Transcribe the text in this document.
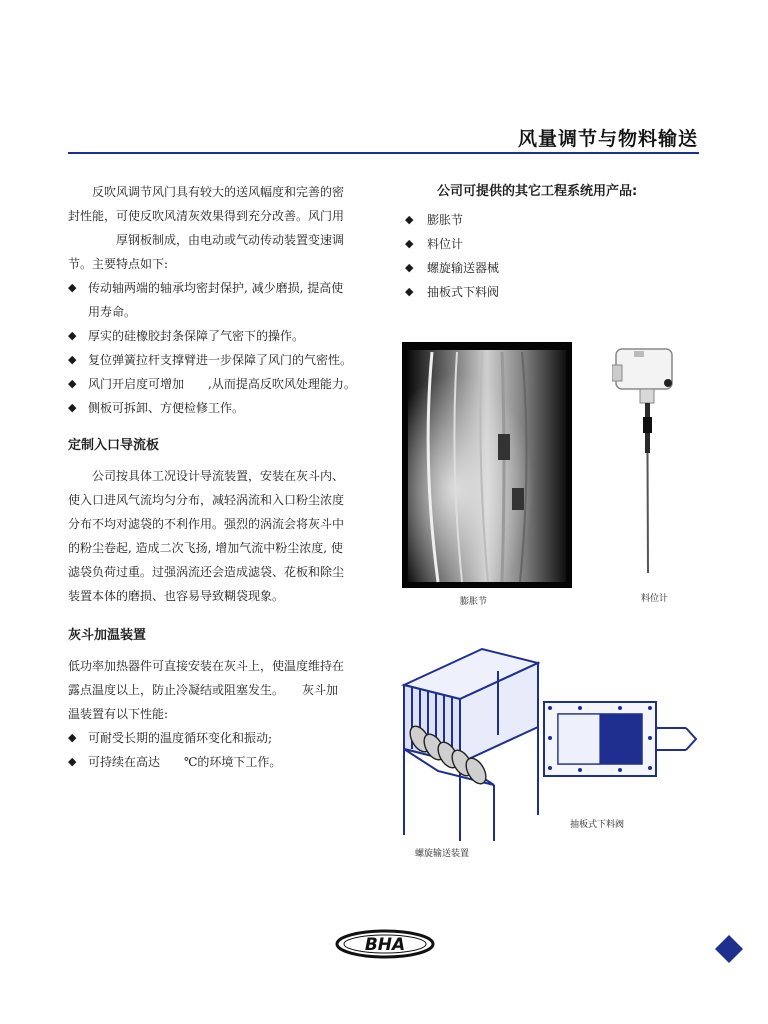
风量调节与物料输送

反吹风调节风门具有较大的送风幅度和完善的密

封性能，可使反吹风清灰效果得到充分改善。风门用

厚钢板制成，由电动或气动传动装置变速调

节。主要特点如下:

◆ 传动轴两端的轴承均密封保护, 减少磨损, 提高使
用寿命。
◆ 厚实的硅橡胶封条保障了气密下的操作。
◆ 复位弹簧拉杆支撑臂进一步保障了风门的气密性。
◆ 风门开启度可增加　　,从而提高反吹风处理能力。
◆ 侧板可拆卸、方便检修工作。
定制入口导流板

公司按具体工况设计导流装置，安装在灰斗内、

使入口进风气流均匀分布，减轻涡流和入口粉尘浓度

分布不均对滤袋的不利作用。强烈的涡流会将灰斗中

的粉尘卷起, 造成二次飞扬, 增加气流中粉尘浓度, 使

滤袋负荷过重。过强涡流还会造成滤袋、花板和除尘

装置本体的磨损、也容易导致糊袋现象。

灰斗加温装置

低功率加热器件可直接安装在灰斗上，使温度维持在

露点温度以上，防止冷凝结或阻塞发生。　　灰斗加

温装置有以下性能:

◆ 可耐受长期的温度循环变化和振动;
◆ 可持续在高达　　℃的环境下工作。
公司可提供的其它工程系统用产品:
◆ 膨胀节
◆ 料位计
◆ 螺旋输送器械
◆ 抽板式下料阀
膨胀节	料位计
螺旋输送装置
抽板式下料阀
BHA
